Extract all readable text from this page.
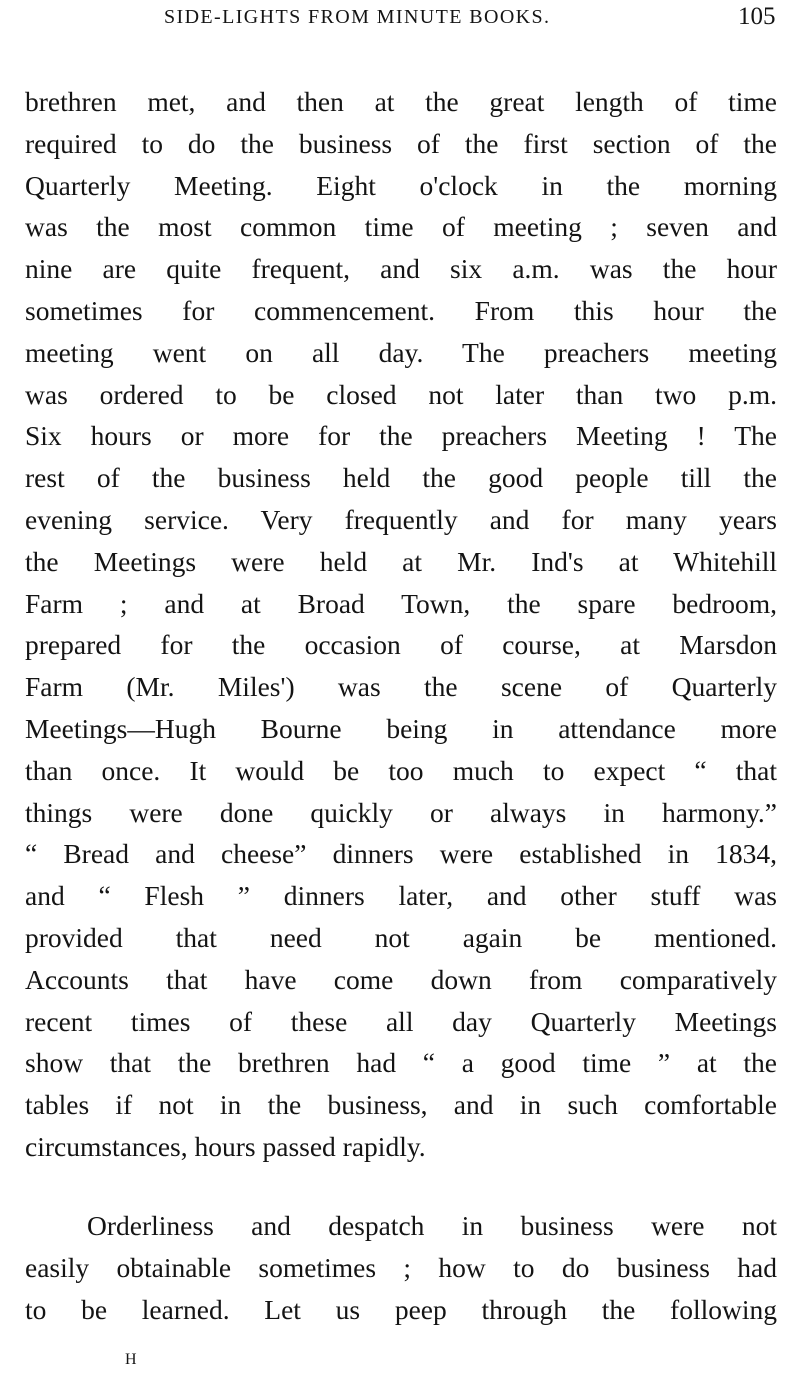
SIDE-LIGHTS FROM MINUTE BOOKS.	105
brethren met, and then at the great length of time
required to do the business of the first section of the
Quarterly Meeting. Eight o'clock in the morning
was the most common time of meeting ; seven and
nine are quite frequent, and six a.m. was the hour
sometimes for commencement. From this hour the
meeting went on all day. The preachers meeting
was ordered to be closed not later than two p.m.
Six hours or more for the preachers Meeting ! The
rest of the business held the good people till the
evening service. Very frequently and for many years
the Meetings were held at Mr. Ind's at Whitehill
Farm ; and at Broad Town, the spare bedroom,
prepared for the occasion of course, at Marsdon
Farm (Mr. Miles') was the scene of Quarterly
Meetings—Hugh Bourne being in attendance more
than once. It would be too much to expect “ that
things were done quickly or always in harmony.”
“ Bread and cheese” dinners were established in 1834,
and “ Flesh ” dinners later, and other stuff was
provided that need not again be mentioned.
Accounts that have come down from comparatively
recent times of these all day Quarterly Meetings
show that the brethren had “ a good time ” at the
tables if not in the business, and in such comfortable
circumstances, hours passed rapidly.
Orderliness and despatch in business were not
easily obtainable sometimes ; how to do business had
to be learned. Let us peep through the following
H
